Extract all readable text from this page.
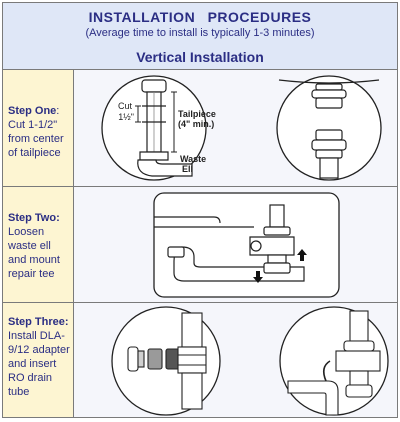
INSTALLATION PROCEDURES
(Average time to install is typically 1-3 minutes)
Vertical Installation
Step One: Cut 1-1/2" from center of tailpiece
Cut
1½"	Tailpiece
(4" min.)
Waste
Ell
Step Two:
Loosen waste ell and mount repair tee
Step Three:
Install DLA-9/12 adapter and insert RO drain tube
